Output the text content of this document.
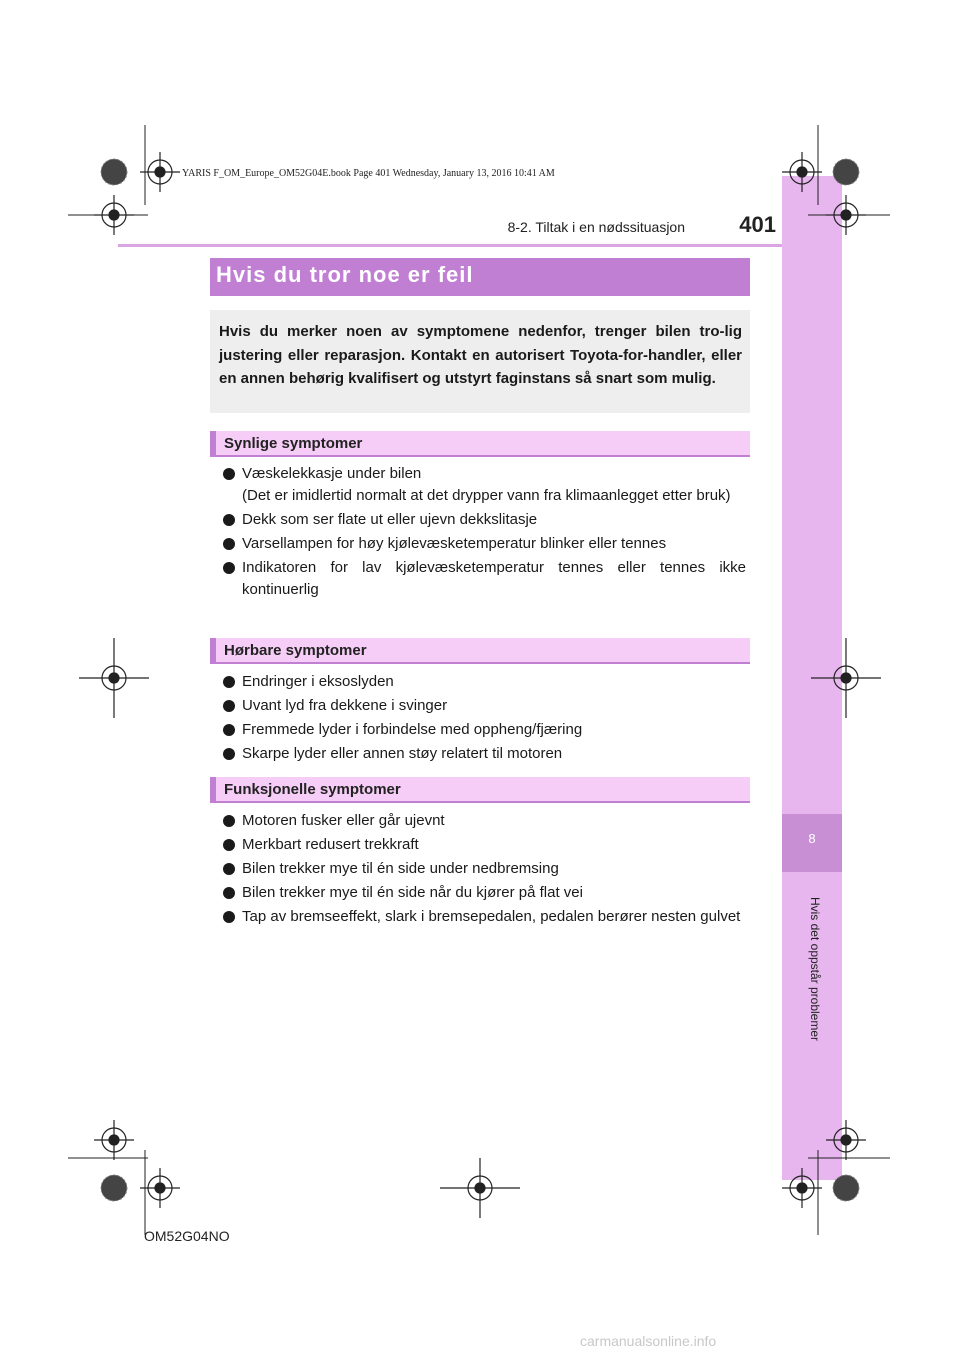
8
Hvis det oppstår problemer
YARIS F_OM_Europe_OM52G04E.book Page 401 Wednesday, January 13, 2016 10:41 AM
8-2. Tiltak i en nødssituasjon	401
Hvis du tror noe er feil
Hvis du merker noen av symptomene nedenfor, trenger bilen tro-lig justering eller reparasjon. Kontakt en autorisert Toyota-for-handler, eller en annen behørig kvalifisert og utstyrt faginstans så snart som mulig.
Synlige symptomer
Væskelekkasje under bilen
(Det er imidlertid normalt at det drypper vann fra klimaanlegget etter bruk)
Dekk som ser flate ut eller ujevn dekkslitasje
Varsellampen for høy kjølevæsketemperatur blinker eller tennes
Indikatoren for lav kjølevæsketemperatur tennes eller tennes ikke kontinuerlig
Hørbare symptomer
Endringer i eksoslyden
Uvant lyd fra dekkene i svinger
Fremmede lyder i forbindelse med oppheng/fjæring
Skarpe lyder eller annen støy relatert til motoren
Funksjonelle symptomer
Motoren fusker eller går ujevnt
Merkbart redusert trekkraft
Bilen trekker mye til én side under nedbremsing
Bilen trekker mye til én side når du kjører på flat vei
Tap av bremseeffekt, slark i bremsepedalen, pedalen berører nesten gulvet
OM52G04NO
carmanualsonline.info
